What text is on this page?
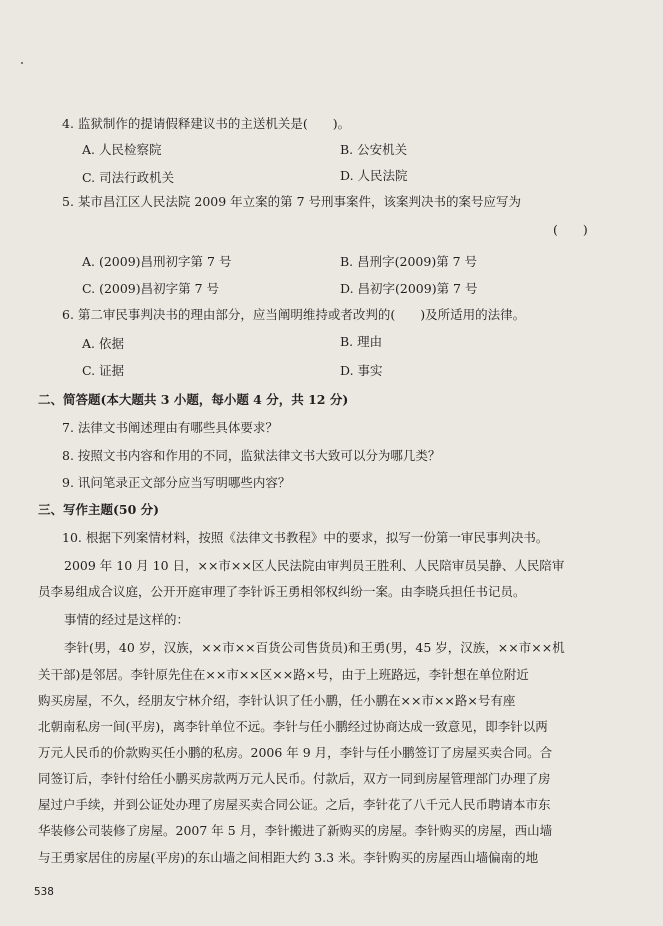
4. 监狱制作的提请假释建议书的主送机关是(　　)。
A. 人民检察院	B. 公安机关
C. 司法行政机关	D. 人民法院
5. 某市昌江区人民法院 2009 年立案的第 7 号刑事案件，该案判决书的案号应写为
(　　)
A. (2009)昌刑初字第 7 号	B. 昌刑字(2009)第 7 号
C. (2009)昌初字第 7 号	D. 昌初字(2009)第 7 号
6. 第二审民事判决书的理由部分，应当阐明维持或者改判的(　　)及所适用的法律。
A. 依据	B. 理由
C. 证据	D. 事实
二、简答题(本大题共 3 小题，每小题 4 分，共 12 分)
7. 法律文书阐述理由有哪些具体要求？
8. 按照文书内容和作用的不同，监狱法律文书大致可以分为哪几类？
9. 讯问笔录正文部分应当写明哪些内容？
三、写作主题(50 分)
10. 根据下列案情材料，按照《法律文书教程》中的要求，拟写一份第一审民事判决书。
2009 年 10 月 10 日，××市××区人民法院由审判员王胜利、人民陪审员吴静、人民陪审
员李易组成合议庭，公开开庭审理了李针诉王勇相邻权纠纷一案。由李晓兵担任书记员。
事情的经过是这样的：
李针(男，40 岁，汉族，××市××百货公司售货员)和王勇(男，45 岁，汉族，××市××机
关干部)是邻居。李针原先住在××市××区××路×号，由于上班路远，李针想在单位附近
购买房屋，不久，经朋友宁林介绍，李针认识了任小鹏，任小鹏在××市××路×号有座
北朝南私房一间(平房)，离李针单位不远。李针与任小鹏经过协商达成一致意见，即李针以两
万元人民币的价款购买任小鹏的私房。2006 年 9 月，李针与任小鹏签订了房屋买卖合同。合
同签订后，李针付给任小鹏买房款两万元人民币。付款后，双方一同到房屋管理部门办理了房
屋过户手续，并到公证处办理了房屋买卖合同公证。之后，李针花了八千元人民币聘请本市东
华装修公司装修了房屋。2007 年 5 月，李针搬进了新购买的房屋。李针购买的房屋，西山墙
与王勇家居住的房屋(平房)的东山墙之间相距大约 3.3 米。李针购买的房屋西山墙偏南的地
538
